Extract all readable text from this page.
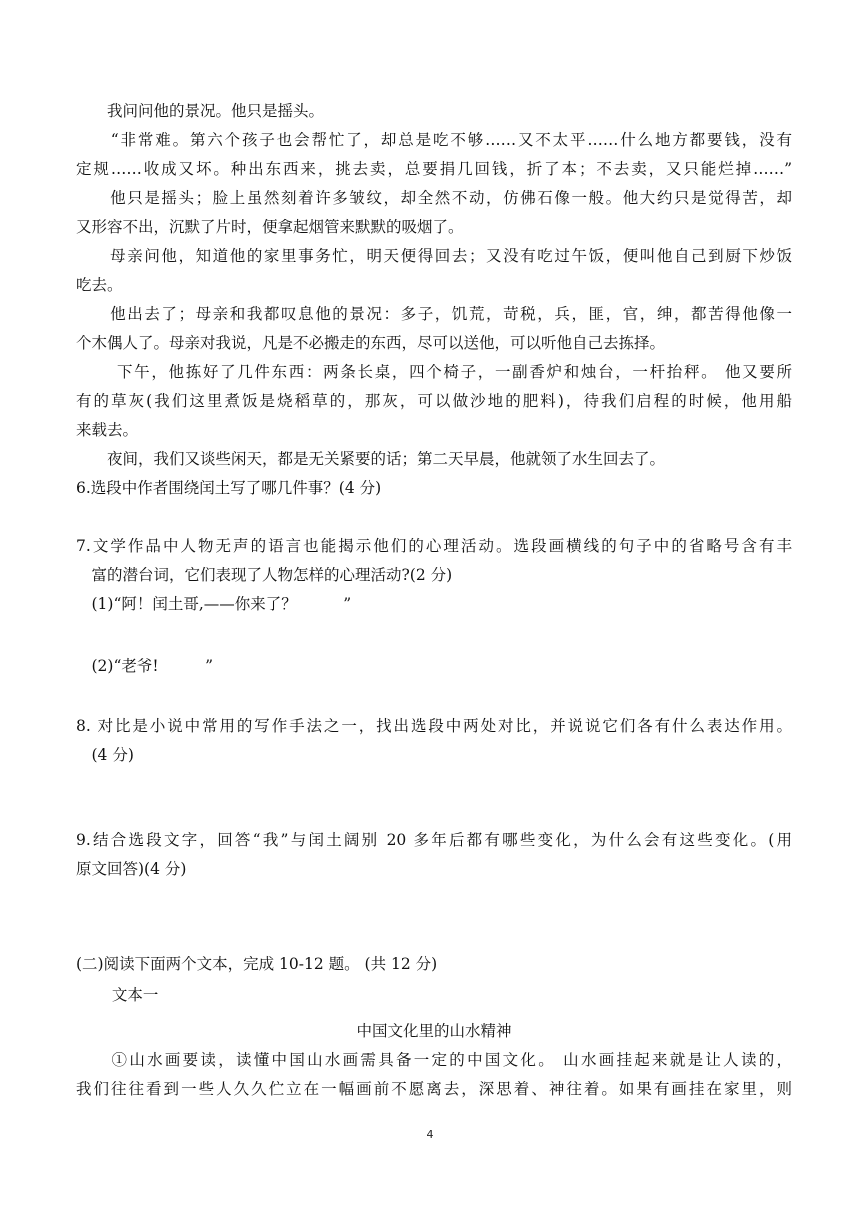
　　我问问他的景况。他只是摇头。
　　“非常难。第六个孩子也会帮忙了，却总是吃不够……又不太平……什么地方都要钱，没有
定规……收成又坏。种出东西来，挑去卖，总要捐几回钱，折了本；不去卖，又只能烂掉……”
　　他只是摇头；脸上虽然刻着许多皱纹，却全然不动，仿佛石像一般。他大约只是觉得苦，却
又形容不出，沉默了片时，便拿起烟管来默默的吸烟了。
　　母亲问他，知道他的家里事务忙，明天便得回去；又没有吃过午饭，便叫他自己到厨下炒饭
吃去。
　　他出去了；母亲和我都叹息他的景况：多子，饥荒，苛税，兵，匪，官，绅，都苦得他像一
个木偶人了。母亲对我说，凡是不必搬走的东西，尽可以送他，可以听他自己去拣择。
　　 下午，他拣好了几件东西：两条长桌，四个椅子，一副香炉和烛台，一杆抬秤。 他又要所
有的草灰(我们这里煮饭是烧稻草的，那灰，可以做沙地的肥料)，待我们启程的时候，他用船
来载去。
　　夜间，我们又谈些闲天，都是无关紧要的话；第二天早晨，他就领了水生回去了。
6.选段中作者围绕闰土写了哪几件事？(4 分)
7.文学作品中人物无声的语言也能揭示他们的心理活动。选段画横线的句子中的省略号含有丰
　富的潜台词，它们表现了人物怎样的心理活动?(2 分)
　(1)“阿！闰土哥,——你来了？　　　”
　(2)“老爷!　　　”
8. 对比是小说中常用的写作手法之一，找出选段中两处对比，并说说它们各有什么表达作用。
　(4 分)
9.结合选段文字，回答“我”与闰土阔别 20 多年后都有哪些变化，为什么会有这些变化。(用
原文回答)(4 分)
(二)阅读下面两个文本，完成 10-12 题。 (共 12 分)
　　 文本一
中国文化里的山水精神
　　①山水画要读，读懂中国山水画需具备一定的中国文化。 山水画挂起来就是让人读的，
我们往往看到一些人久久伫立在一幅画前不愿离去，深思着、神往着。如果有画挂在家里，则
4
